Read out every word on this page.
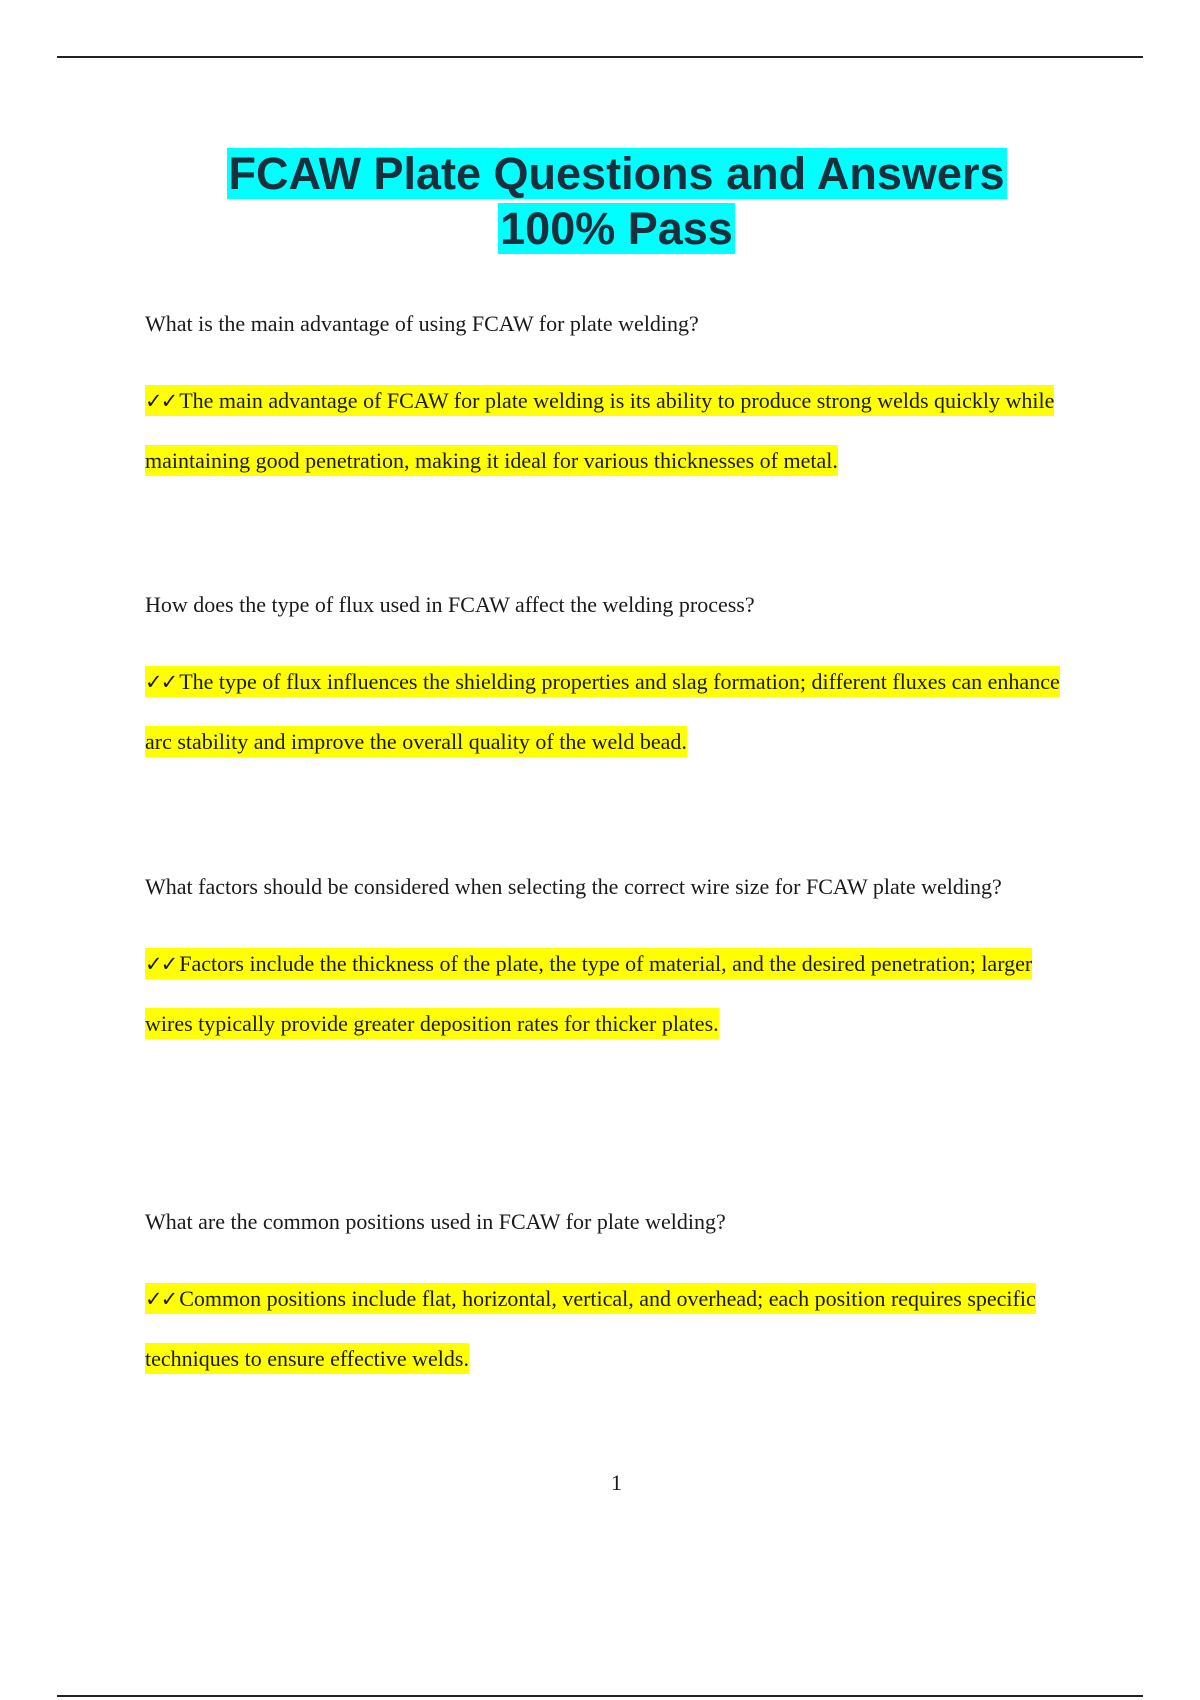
FCAW Plate Questions and Answers
100% Pass

What is the main advantage of using FCAW for plate welding?

✓✓ The main advantage of FCAW for plate welding is its ability to produce strong welds quickly while maintaining good penetration, making it ideal for various thicknesses of metal.

How does the type of flux used in FCAW affect the welding process?

✓✓ The type of flux influences the shielding properties and slag formation; different fluxes can enhance arc stability and improve the overall quality of the weld bead.

What factors should be considered when selecting the correct wire size for FCAW plate welding?

✓✓ Factors include the thickness of the plate, the type of material, and the desired penetration; larger wires typically provide greater deposition rates for thicker plates.

What are the common positions used in FCAW for plate welding?

✓✓ Common positions include flat, horizontal, vertical, and overhead; each position requires specific techniques to ensure effective welds.

1
